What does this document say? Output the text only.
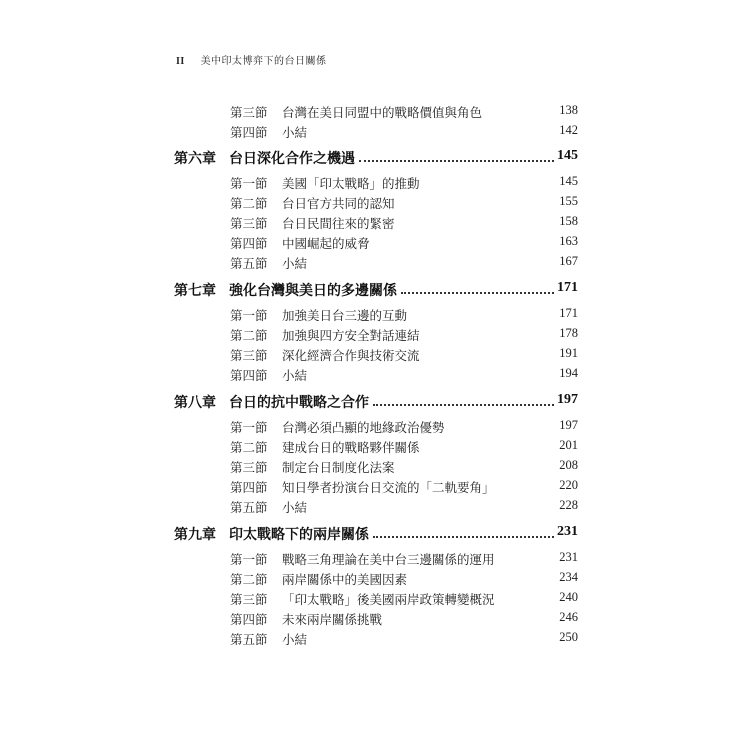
II 美中印太博弈下的台日關係
第三節 台灣在美日同盟中的戰略價值與角色	138
第四節 小結	142
第六章 台日深化合作之機遇	145
第一節 美國「印太戰略」的推動	145
第二節 台日官方共同的認知	155
第三節 台日民間往來的緊密	158
第四節 中國崛起的威脅	163
第五節 小結	167
第七章 強化台灣與美日的多邊關係	171
第一節 加強美日台三邊的互動	171
第二節 加強與四方安全對話連結	178
第三節 深化經濟合作與技術交流	191
第四節 小結	194
第八章 台日的抗中戰略之合作	197
第一節 台灣必須凸顯的地緣政治優勢	197
第二節 建成台日的戰略夥伴關係	201
第三節 制定台日制度化法案	208
第四節 知日學者扮演台日交流的「二軌要角」	220
第五節 小結	228
第九章 印太戰略下的兩岸關係	231
第一節 戰略三角理論在美中台三邊關係的運用	231
第二節 兩岸關係中的美國因素	234
第三節 「印太戰略」後美國兩岸政策轉變概況	240
第四節 未來兩岸關係挑戰	246
第五節 小結	250
